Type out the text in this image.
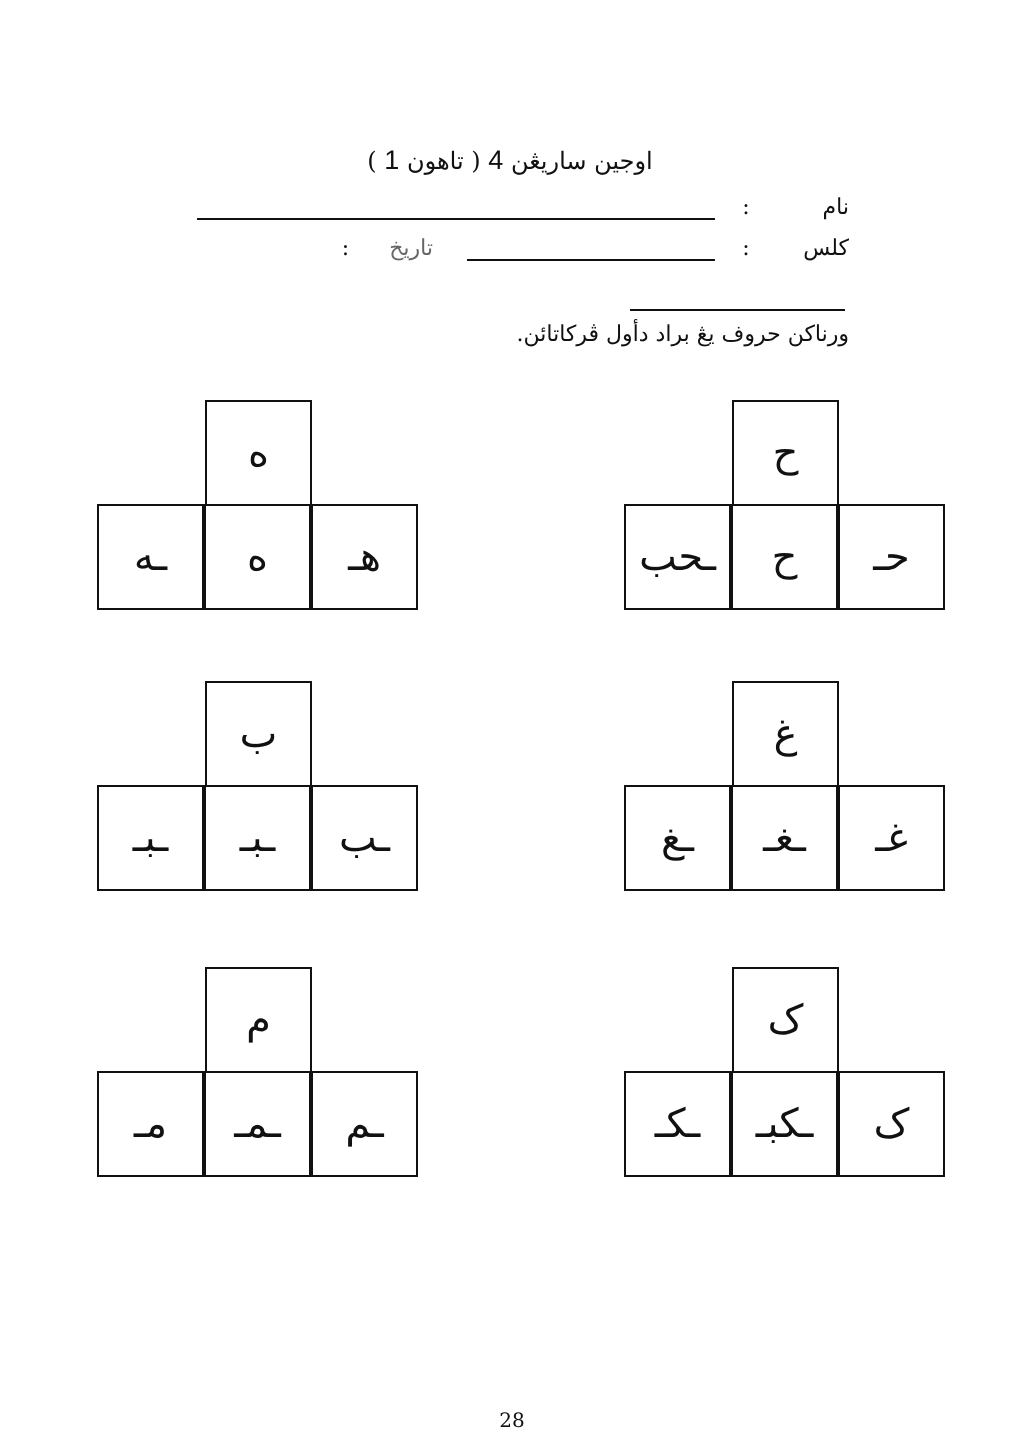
اوجين ساريڠن 4 ( تاهون 1 )
نام
:
كلس
:
تاريخ
:
ورناكن حروف يڠ براد دأول ڤركاتائن.
ح
ـحب	ح	حـ
ه
ـه	ه	هـ
غ
ـغ	ـغـ	غـ
ب
ـبـ	ـبـ	ـب
ک
ـكـ	ـكبـ	ک
م
مـ	ـمـ	ـم
28
